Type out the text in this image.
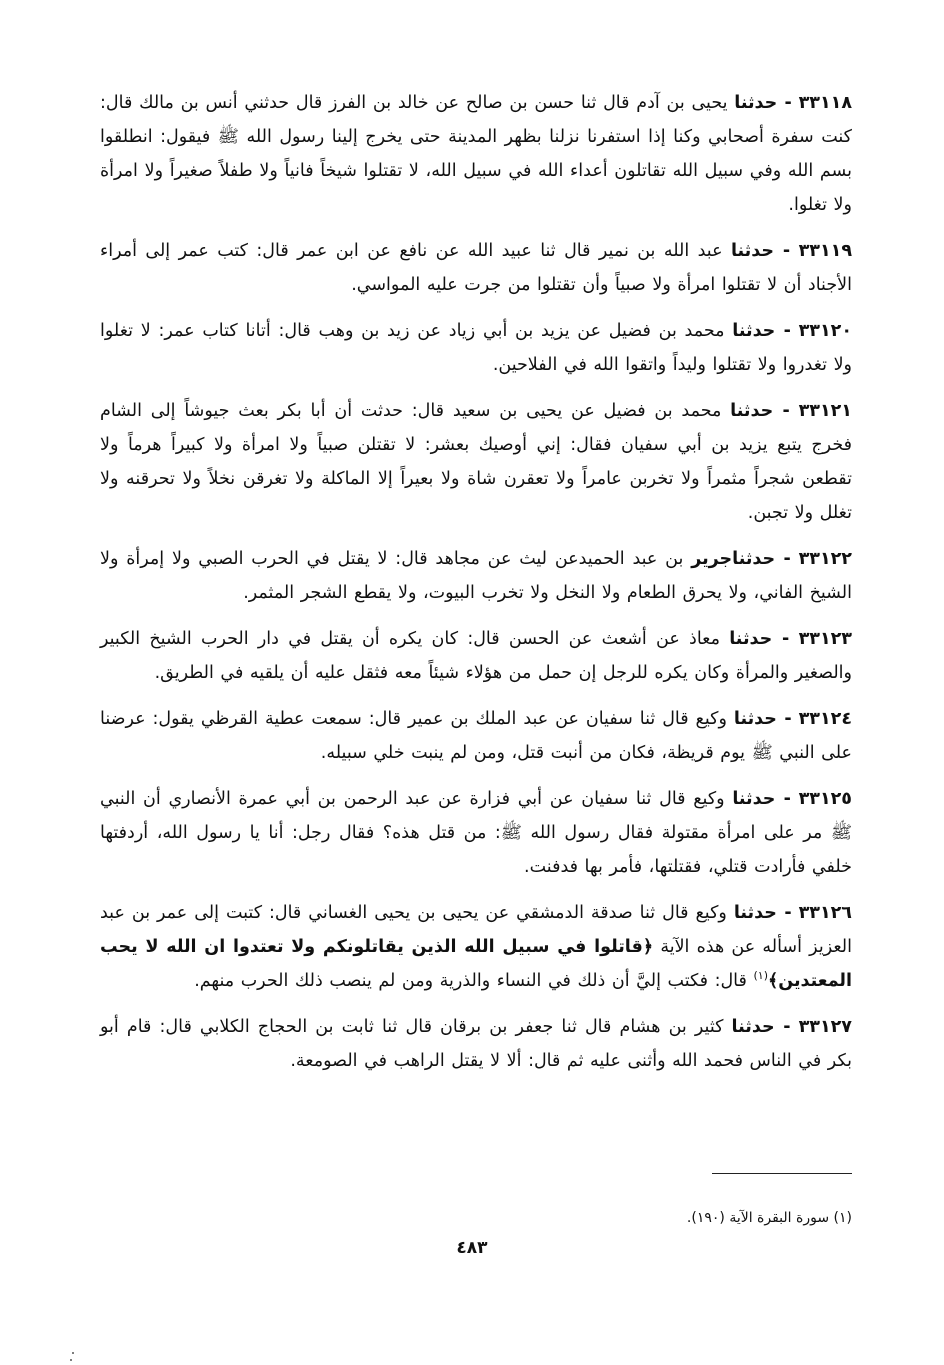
٣٣١١٨ - حدثنا يحيى بن آدم قال ثنا حسن بن صالح عن خالد بن الفرز قال حدثني أنس بن مالك قال: كنت سفرة أصحابي وكنا إذا استفرنا نزلنا بظهر المدينة حتى يخرج إلينا رسول الله ﷺ فيقول: انطلقوا بسم الله وفي سبيل الله تقاتلون أعداء الله في سبيل الله، لا تقتلوا شيخاً فانياً ولا طفلاً صغيراً ولا امرأة ولا تغلوا.

٣٣١١٩ - حدثنا عبد الله بن نمير قال ثنا عبيد الله عن نافع عن ابن عمر قال: كتب عمر إلى أمراء الأجناد أن لا تقتلوا امرأة ولا صبياً وأن تقتلوا من جرت عليه المواسي.

٣٣١٢٠ - حدثنا محمد بن فضيل عن يزيد بن أبي زياد عن زيد بن وهب قال: أتانا كتاب عمر: لا تغلوا ولا تغدروا ولا تقتلوا وليداً واتقوا الله في الفلاحين.

٣٣١٢١ - حدثنا محمد بن فضيل عن يحيى بن سعيد قال: حدثت أن أبا بكر بعث جيوشاً إلى الشام فخرج يتبع يزيد بن أبي سفيان فقال: إني أوصيك بعشر: لا تقتلن صبياً ولا امرأة ولا كبيراً هرماً ولا تقطعن شجراً مثمراً ولا تخربن عامراً ولا تعقرن شاة ولا بعيراً إلا الماكلة ولا تغرقن نخلاً ولا تحرقنه ولا تغلل ولا تجبن.

٣٣١٢٢ - حدثناجرير بن عبد الحميدعن ليث عن مجاهد قال: لا يقتل في الحرب الصبي ولا إمرأة ولا الشيخ الفاني، ولا يحرق الطعام ولا النخل ولا تخرب البيوت، ولا يقطع الشجر المثمر.

٣٣١٢٣ - حدثنا معاذ عن أشعث عن الحسن قال: كان يكره أن يقتل في دار الحرب الشيخ الكبير والصغير والمرأة وكان يكره للرجل إن حمل من هؤلاء شيئاً معه فثقل عليه أن يلقيه في الطريق.

٣٣١٢٤ - حدثنا وكيع قال ثنا سفيان عن عبد الملك بن عمير قال: سمعت عطية القرظي يقول: عرضنا على النبي ﷺ يوم قريظة، فكان من أنبت قتل، ومن لم ينبت خلي سبيله.

٣٣١٢٥ - حدثنا وكيع قال ثنا سفيان عن أبي فزارة عن عبد الرحمن بن أبي عمرة الأنصاري أن النبي ﷺ مر على امرأة مقتولة فقال رسول الله ﷺ: من قتل هذه؟ فقال رجل: أنا يا رسول الله، أردفتها خلفي فأرادت قتلي، فقتلتها، فأمر بها فدفنت.

٣٣١٢٦ - حدثنا وكيع قال ثنا صدقة الدمشقي عن يحيى بن يحيى الغساني قال: كتبت إلى عمر بن عبد العزيز أسأله عن هذه الآية ﴿قاتلوا في سبيل الله الذين يقاتلونكم ولا تعتدوا ان الله لا يحب المعتدين﴾$^{(١)}$ قال: فكتب إليَّ أن ذلك في النساء والذرية ومن لم ينصب ذلك الحرب منهم.

٣٣١٢٧ - حدثنا كثير بن هشام قال ثنا جعفر بن برقان قال ثنا ثابت بن الحجاج الكلابي قال: قام أبو بكر في الناس فحمد الله وأثنى عليه ثم قال: ألا لا يقتل الراهب في الصومعة.

(١) سورة البقرة الآية (١٩٠).
٤٨٣
